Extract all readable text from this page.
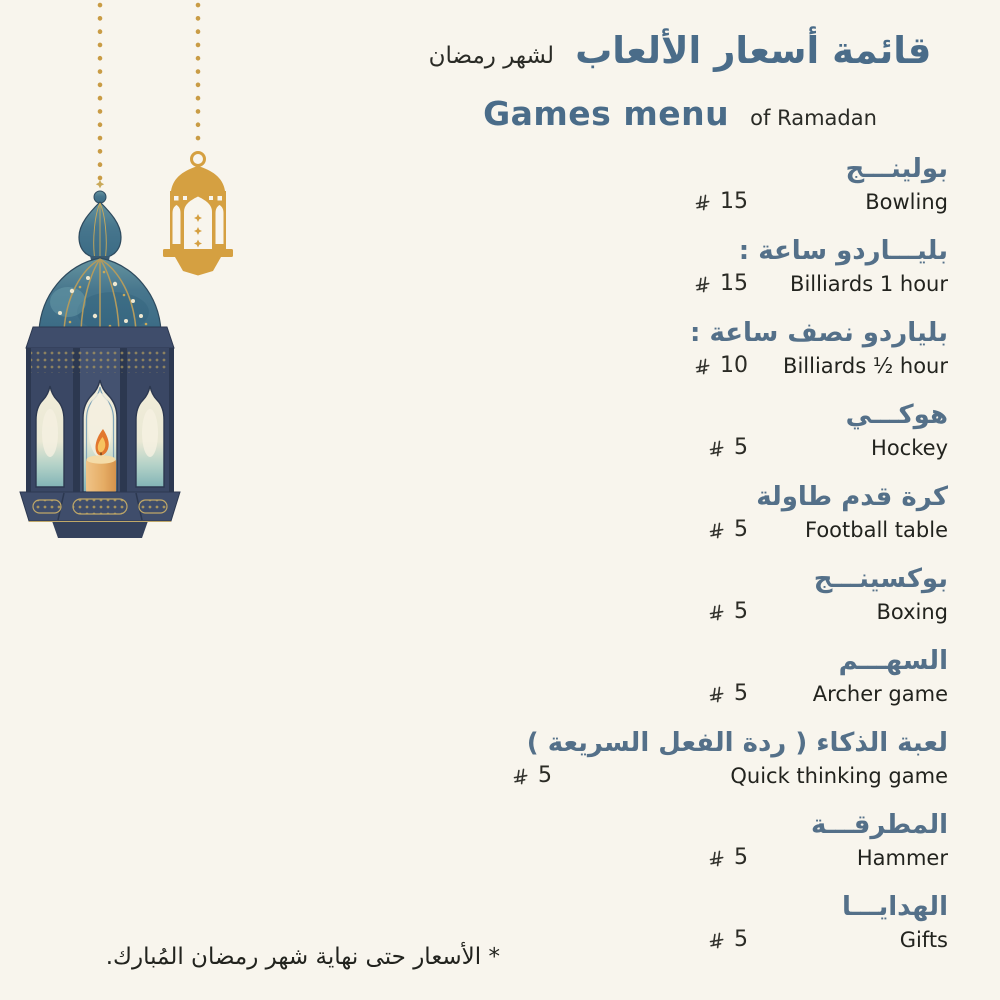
قائمة أسعار الألعاب لشهر رمضان
Games menu of Ramadan
بولينـــج
15	Bowling
بليـــاردو ساعة :
15 Billiards 1 hour
بلياردو نصف ساعة :
10 Billiards ½ hour
هوكـــي
5	Hockey
كرة قدم طاولة
5	Football table
بوكسينـــج
5	Boxing
السهـــم
5	Archer game
لعبة الذكاء ( ردة الفعل السريعة )
5	Quick thinking game
المطرقـــة
5	Hammer
الهدايـــا
5	Gifts
* الأسعار حتى نهاية شهر رمضان المُبارك.
